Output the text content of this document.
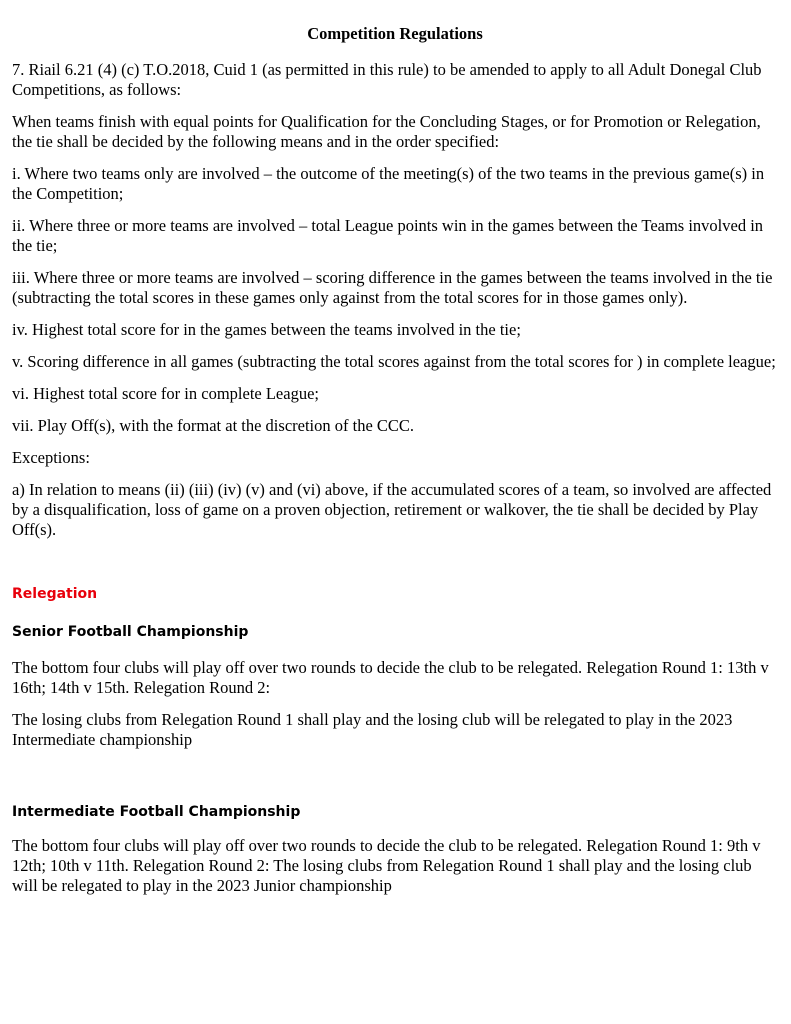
Competition Regulations

7. Riail 6.21 (4) (c) T.O.2018, Cuid 1 (as permitted in this rule) to be amended to apply to all Adult Donegal Club Competitions, as follows:

When teams finish with equal points for Qualification for the Concluding Stages, or for Promotion or Relegation, the tie shall be decided by the following means and in the order specified:

i. Where two teams only are involved – the outcome of the meeting(s) of the two teams in the previous game(s) in the Competition;

ii. Where three or more teams are involved – total League points win in the games between the Teams involved in the tie;

iii. Where three or more teams are involved – scoring difference in the games between the teams involved in the tie (subtracting the total scores in these games only against from the total scores for in those games only).

iv. Highest total score for in the games between the teams involved in the tie;

v. Scoring difference in all games (subtracting the total scores against from the total scores for ) in complete league;

vi. Highest total score for in complete League;

vii. Play Off(s), with the format at the discretion of the CCC.

Exceptions:

a) In relation to means (ii) (iii) (iv) (v) and (vi) above, if the accumulated scores of a team, so involved are affected by a disqualification, loss of game on a proven objection, retirement or walkover, the tie shall be decided by Play Off(s).

Relegation
Senior Football Championship

The bottom four clubs will play off over two rounds to decide the club to be relegated. Relegation Round 1: 13th v 16th; 14th v 15th. Relegation Round 2:

The losing clubs from Relegation Round 1 shall play and the losing club will be relegated to play in the 2023 Intermediate championship

Intermediate Football Championship

The bottom four clubs will play off over two rounds to decide the club to be relegated. Relegation Round 1: 9th v 12th; 10th v 11th. Relegation Round 2: The losing clubs from Relegation Round 1 shall play and the losing club will be relegated to play in the 2023 Junior championship
